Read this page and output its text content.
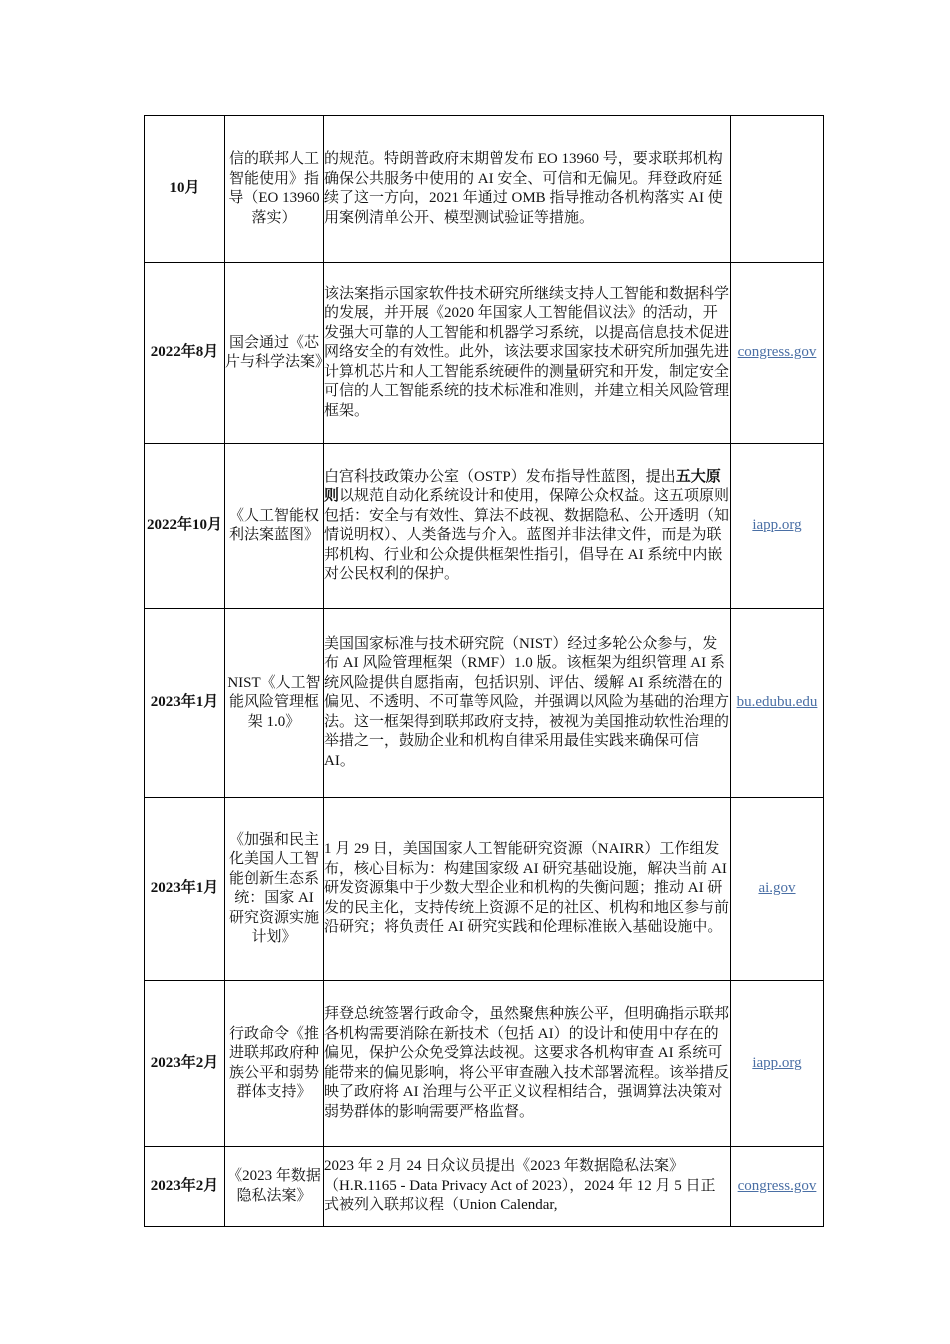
10月	信的联邦人工智能使用》指导（EO 13960落实）	的规范。特朗普政府末期曾发布 EO 13960 号，要求联邦机构确保公共服务中使用的 AI 安全、可信和无偏见。拜登政府延续了这一方向，2021 年通过 OMB 指导推动各机构落实 AI 使用案例清单公开、模型测试验证等措施。	
2022年8月	国会通过《芯片与科学法案》	该法案指示国家软件技术研究所继续支持人工智能和数据科学的发展，并开展《2020 年国家人工智能倡议法》的活动，开发强大可靠的人工智能和机器学习系统，以提高信息技术促进网络安全的有效性。此外，该法要求国家技术研究所加强先进计算机芯片和人工智能系统硬件的测量研究和开发，制定安全可信的人工智能系统的技术标准和准则，并建立相关风险管理框架。	congress.gov
2022年10月	《人工智能权利法案蓝图》	白宫科技政策办公室（OSTP）发布指导性蓝图，提出五大原则以规范自动化系统设计和使用，保障公众权益。这五项原则包括：安全与有效性、算法不歧视、数据隐私、公开透明（知情说明权）、人类备选与介入。蓝图并非法律文件，而是为联邦机构、行业和公众提供框架性指引，倡导在 AI 系统中内嵌对公民权利的保护。	iapp.org
2023年1月	NIST《人工智能风险管理框架 1.0》	美国国家标准与技术研究院（NIST）经过多轮公众参与，发布 AI 风险管理框架（RMF）1.0 版。该框架为组织管理 AI 系统风险提供自愿指南，包括识别、评估、缓解 AI 系统潜在的偏见、不透明、不可靠等风险，并强调以风险为基础的治理方法。这一框架得到联邦政府支持，被视为美国推动软性治理的举措之一，鼓励企业和机构自律采用最佳实践来确保可信 AI。	bu.edubu.edu
2023年1月	《加强和民主化美国人工智能创新生态系统：国家 AI 研究资源实施计划》	1 月 29 日，美国国家人工智能研究资源（NAIRR）工作组发布，核心目标为：构建国家级 AI 研究基础设施，解决当前 AI 研发资源集中于少数大型企业和机构的失衡问题；推动 AI 研发的民主化，支持传统上资源不足的社区、机构和地区参与前沿研究；将负责任 AI 研究实践和伦理标准嵌入基础设施中。	ai.gov
2023年2月	行政命令《推进联邦政府种族公平和弱势群体支持》	拜登总统签署行政命令，虽然聚焦种族公平，但明确指示联邦各机构需要消除在新技术（包括 AI）的设计和使用中存在的偏见，保护公众免受算法歧视。这要求各机构审查 AI 系统可能带来的偏见影响，将公平审查融入技术部署流程。该举措反映了政府将 AI 治理与公平正义议程相结合，强调算法决策对弱势群体的影响需要严格监督。	iapp.org
2023年2月	《2023 年数据隐私法案》	2023 年 2 月 24 日众议员提出《2023 年数据隐私法案》（H.R.1165 - Data Privacy Act of 2023），2024 年 12 月 5 日正式被列入联邦议程（Union Calendar,	congress.gov
